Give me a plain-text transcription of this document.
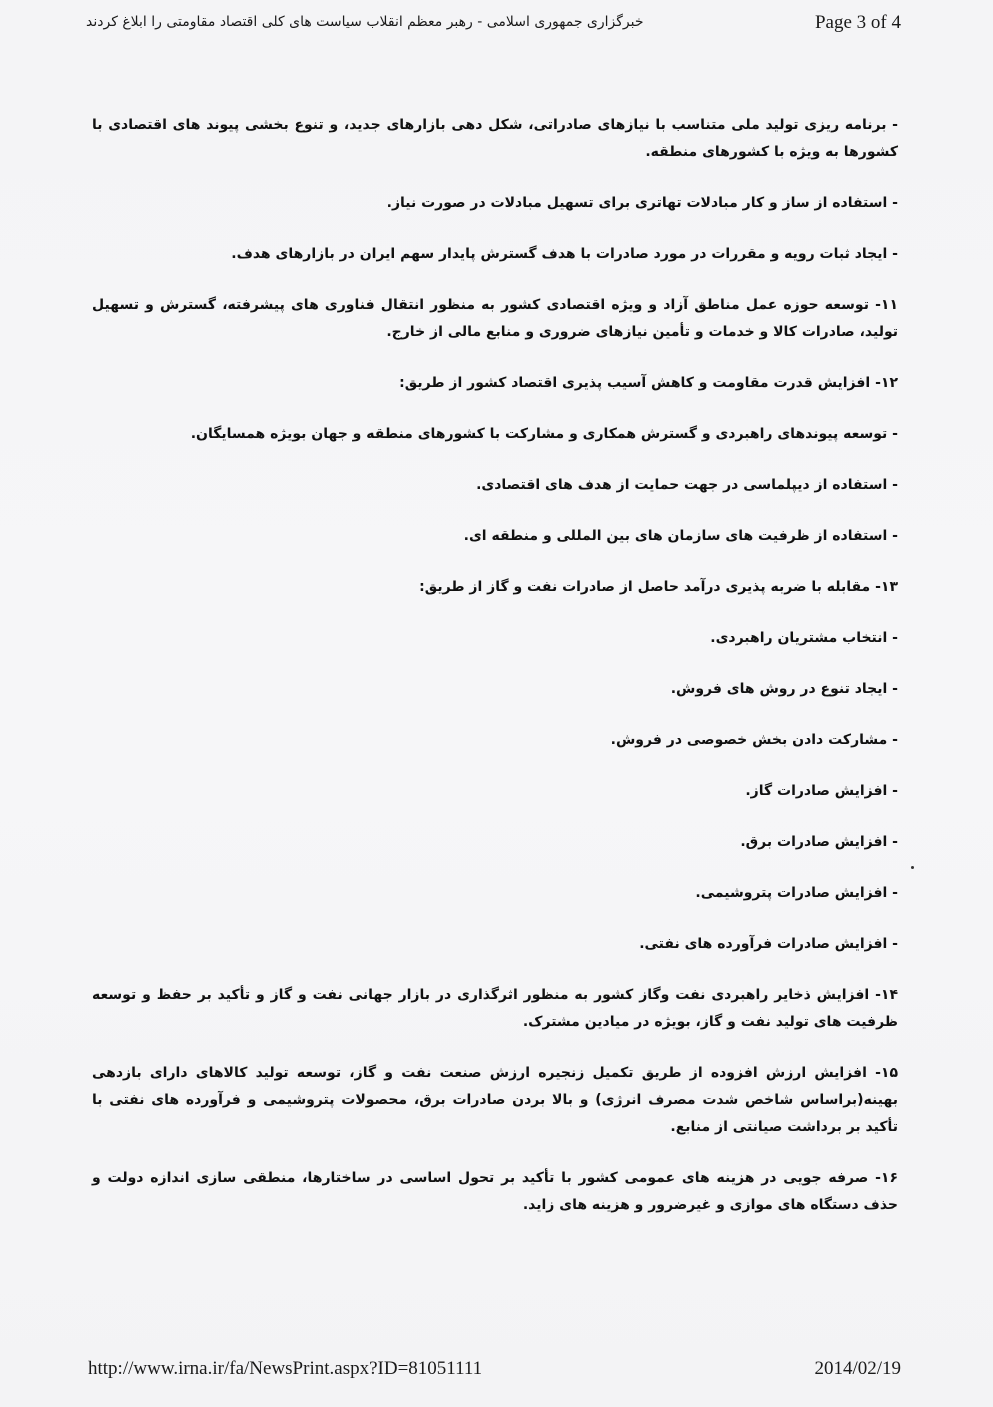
خبرگزاری جمهوری اسلامی - رهبر معظم انقلاب سیاست های کلی اقتصاد مقاومتی را ابلاغ کردند	Page 3 of 4

- برنامه ریزی تولید ملی متناسب با نیازهای صادراتی، شکل دهی بازارهای جدید، و تنوع بخشی پیوند های اقتصادی با کشورها به ویژه با کشورهای منطقه.

- استفاده از ساز و کار مبادلات تهاتری برای تسهیل مبادلات در صورت نیاز.

- ایجاد ثبات رویه و مقررات در مورد صادرات با هدف گسترش پایدار سهم ایران در بازارهای هدف.

۱۱- توسعه حوزه عمل مناطق آزاد و ویژه اقتصادی کشور به منظور انتقال فناوری های پیشرفته، گسترش و تسهیل تولید، صادرات کالا و خدمات و تأمین نیازهای ضروری و منابع مالی از خارج.

۱۲- افزایش قدرت مقاومت و کاهش آسیب پذیری اقتصاد کشور از طریق:

- توسعه پیوندهای راهبردی و گسترش همکاری و مشارکت با کشورهای منطقه و جهان بویژه همسایگان.

- استفاده از دیپلماسی در جهت حمایت از هدف های اقتصادی.

- استفاده از ظرفیت های سازمان های بین المللی و منطقه ای.

۱۳- مقابله با ضربه پذیری درآمد حاصل از صادرات نفت و گاز از طریق:

- انتخاب مشتریان راهبردی.

- ایجاد تنوع در روش های فروش.

- مشارکت دادن بخش خصوصی در فروش.

- افزایش صادرات گاز.

- افزایش صادرات برق.

- افزایش صادرات پتروشیمی.

- افزایش صادرات فرآورده های نفتی.

۱۴- افزایش ذخایر راهبردی نفت وگاز کشور به منظور اثرگذاری در بازار جهانی نفت و گاز و تأکید بر حفظ و توسعه ظرفیت های تولید نفت و گاز، بویژه در میادین مشترک.

۱۵- افزایش ارزش افزوده از طریق تکمیل زنجیره ارزش صنعت نفت و گاز، توسعه تولید کالاهای دارای بازدهی بهینه(براساس شاخص شدت مصرف انرژی) و بالا بردن صادرات برق، محصولات پتروشیمی و فرآورده های نفتی با تأکید بر برداشت صیانتی از منابع.

۱۶- صرفه جویی در هزینه های عمومی کشور با تأکید بر تحول اساسی در ساختارها، منطقی سازی اندازه دولت و حذف دستگاه های موازی و غیرضرور و هزینه های زاید.

http://www.irna.ir/fa/NewsPrint.aspx?ID=81051111	2014/02/19
